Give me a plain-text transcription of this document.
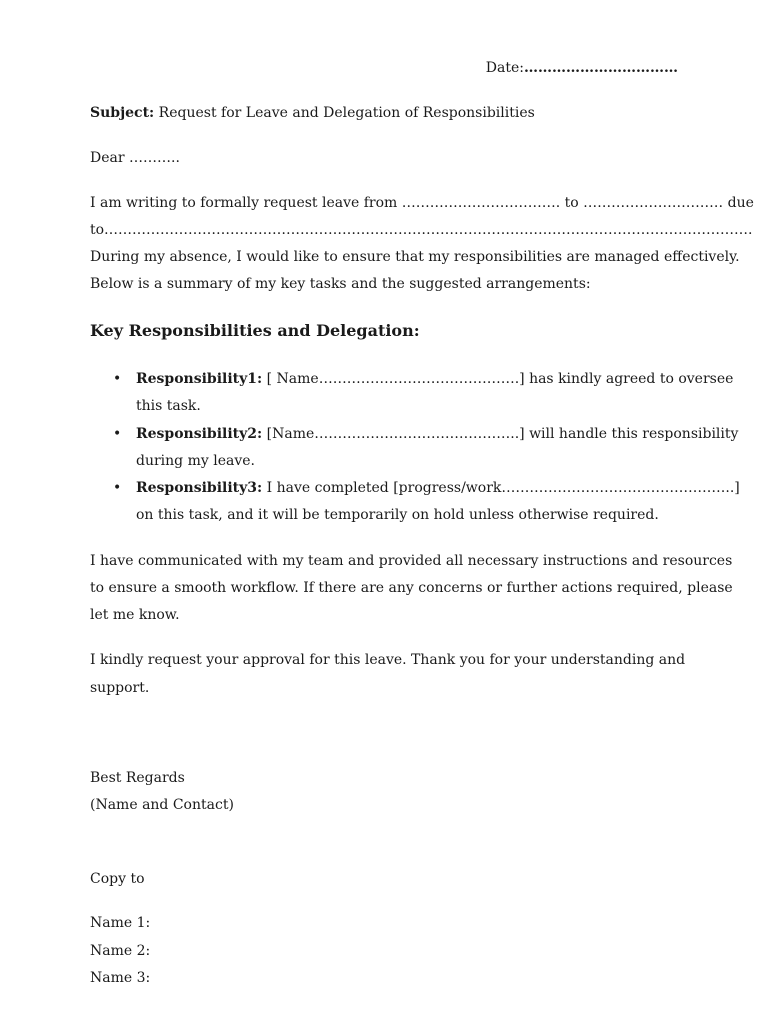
Date:……………………………
Subject: Request for Leave and Delegation of Responsibilities
Dear ………..
I am writing to formally request leave from ……………………………. to ………………………… due
to………………………………………………………………………………………………………………………….
During my absence, I would like to ensure that my responsibilities are managed effectively.
Below is a summary of my key tasks and the suggested arrangements:
Key Responsibilities and Delegation:
• Responsibility1: [ Name…………………………………….] has kindly agreed to oversee
this task.
• Responsibility2: [Name……………………………………..] will handle this responsibility
during my leave.
• Responsibility3: I have completed [progress/work…………………………………………..]
on this task, and it will be temporarily on hold unless otherwise required.
I have communicated with my team and provided all necessary instructions and resources
to ensure a smooth workflow. If there are any concerns or further actions required, please
let me know.
I kindly request your approval for this leave. Thank you for your understanding and
support.
Best Regards
(Name and Contact)
Copy to
Name 1:
Name 2:
Name 3:
